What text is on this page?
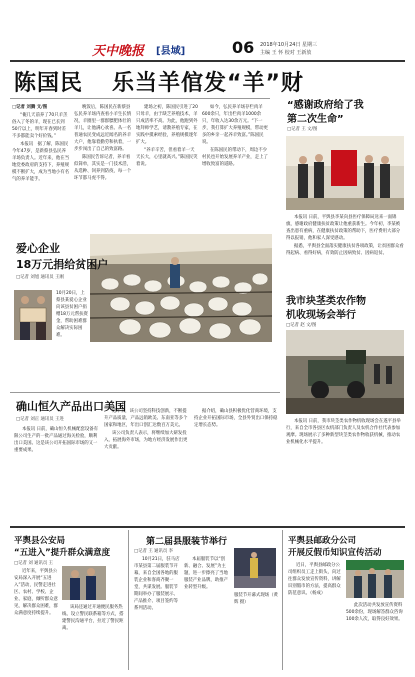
天中晚报 [县域]	06 2018年10月24日 星期三
主编 王 怀 校对 王新放
陈国民 乐当羊倌发“羊”财

□记者 刘腾 文/图

“俺几天前养了70只羊羔 俗入了冬的羊，现在已长到50斤以上，明年开春到时差不多都能卖个好价钱。”

本报讯　据了解，陈国民今年47岁，是新蔡县弘民养羊场负责人。近年来，他在当地党委政府的支持下，养殖规模不断扩大，成为当地小有名气的养羊能手。

晚饭后，陈国民在新蔡县弘民养羊场内查看小羊生长情况，羊圈里一群群膘肥体壮的羊儿，让他满心欢喜。从一名普通农民变成远近闻名的养羊大户，他靠着勤劳和执着，一步步闯出了自己的致富路。

陈国民告诉记者，养羊看似简单，其实是一门技术活，从选种、饲养到防疫，每一个环节都马虎不得。

建场之初，陈国民引进了20只母羊，由于缺乏养殖技术，羊只成活率不高。为此，他跑到外地拜师学艺，请教养殖专家，在实践中摸索经验，养殖规模逐年扩大。

“养羊辛苦，但看着羊一天天长大，心里就高兴。”陈国民笑着说。

如今，弘民养羊场存栏肉羊600余只，年出栏肉羊1000余只，年收入达30余万元。“下一步，我打算扩大养殖规模，带动更多的乡亲一起养羊致富。”陈国民说。

在陈国民的带动下，周边不少村民也开始发展养羊产业，走上了增收致富的道路。

爱心企业
18万元捐给贫困户
□记者 刘旭 通讯员 王刚

10月20日，上蔡县某爱心企业向该县贫困户捐赠18万元帮扶资金，帮助困难群众解决实际困难。

“感谢政府给了我
第二次生命”
□记者 王 文/图

本报讯 日前，平舆县李某向县医疗保障局送来一面锦旗，感谢政府健康扶贫政策让他重获新生。今年初，李某被查出患有重病，在健康扶贫政策的帮助下，医疗费用大部分得以报销，他和家人深受感动。

据悉，平舆县全面落实健康扶贫各项政策，让贫困群众看得起病、看得好病，有效防止因病致贫、因病返贫。

我市块茎类农作物
机收现场会举行
□记者 赵 文/图

本报讯 日前，我市块茎类农作物机收现场会在遂平县举行，来自全市各县区农机部门负责人及农机合作社代表参加观摩。现场展示了多种新型块茎类农作物收获机械，推动农业机械化水平提升。

确山恒久产品出口美国
□记者 刘正 通讯员 王进

本报讯 日前，确山恒久机械配套设备有限公司生产的一批产品通过海关检验，顺利出口美国。这是该公司开拓国际市场的又一重要成果。

近年来，该公司坚持科技创新，不断提升产品质量，产品远销欧美、东南亚等多个国家和地区，年出口创汇达数百万美元。

该公司负责人表示，将继续加大研发投入，拓展海外市场，为地方经济发展作出更大贡献。

据介绍，确山县积极优化营商环境，支持企业开拓国际市场，全县外贸出口保持稳定增长态势。

平舆县公安局
“五进入”提升群众满意度
□记者 刘 通讯员 王

近年来，平舆县公安局深入开展“五进入”活动，民警走进社区、农村、学校、企业、家庭，倾听群众意见，解决群众困难，群众满意度持续提升。

该局还通过开通便民服务热线、设立警民联系箱等方式，搭建警民沟通平台，拉近了警民距离。

第二届县服装节举行
□记者 王 通讯员 李

10月21日，驻马店市某县第二届服装节开幕，来自全国各地的服装企业和客商齐聚一堂，共谋发展。服装节期间举办了服装展示、产品推介、项目签约等系列活动。

本届服装节以“创新、融合、发展”为主题，进一步擦亮了当地服装产业品牌，助推产业转型升级。

服装节开幕式现场（黄 辉 摄）

平舆县邮政分公司
开展反假币知识宣传活动

近日，平舆县邮政分公司组织员工走上街头，向过往群众发放宣传资料，讲解识别假币的方法，提高群众防范意识。（杨成）

此次活动共发放宣传资料500余份，现场解答群众咨询100余人次，取得良好效果。
